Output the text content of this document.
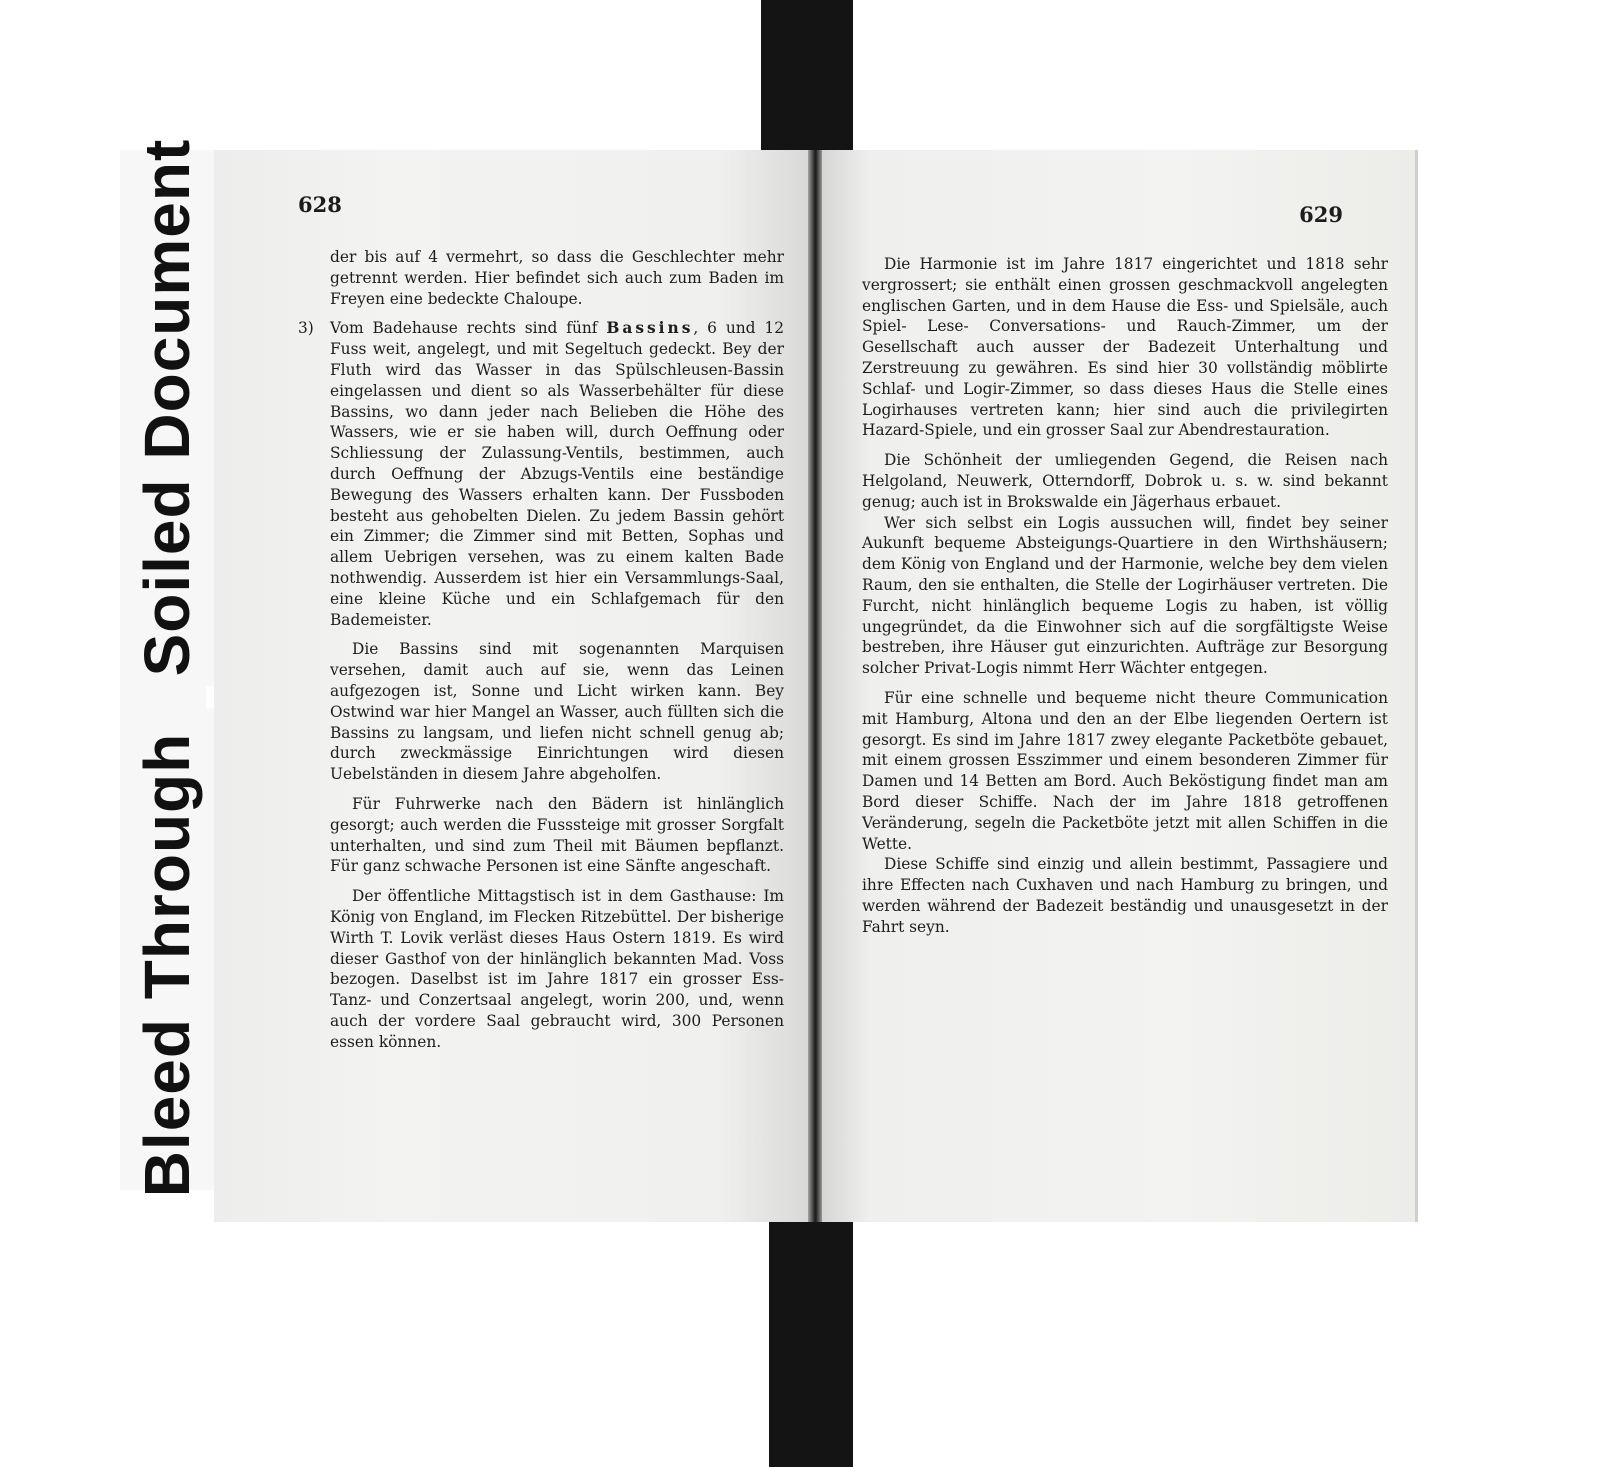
Bleed Through   Soiled Document	628

der bis auf 4 vermehrt, so dass die Geschlechter mehr getrennt werden. Hier befindet sich auch zum Baden im Freyen eine bedeckte Chaloupe.

3) Vom Badehause rechts sind fünf Bassins, 6 und 12 Fuss weit, angelegt, und mit Segeltuch gedeckt. Bey der Fluth wird das Wasser in das Spülschleusen-Bassin eingelassen und dient so als Wasserbehälter für diese Bassins, wo dann jeder nach Belieben die Höhe des Wassers, wie er sie haben will, durch Oeffnung oder Schliessung der Zulassung-Ventils, bestimmen, auch durch Oeffnung der Abzugs-Ventils eine beständige Bewegung des Wassers erhalten kann. Der Fussboden besteht aus gehobelten Dielen. Zu jedem Bassin gehört ein Zimmer; die Zimmer sind mit Betten, Sophas und allem Uebrigen versehen, was zu einem kalten Bade nothwendig. Ausserdem ist hier ein Versammlungs-Saal, eine kleine Küche und ein Schlafgemach für den Bademeister.

Die Bassins sind mit sogenannten Marquisen versehen, damit auch auf sie, wenn das Leinen aufgezogen ist, Sonne und Licht wirken kann. Bey Ostwind war hier Mangel an Wasser, auch füllten sich die Bassins zu langsam, und liefen nicht schnell genug ab; durch zweckmässige Einrichtungen wird diesen Uebelständen in diesem Jahre abgeholfen.

Für Fuhrwerke nach den Bädern ist hinlänglich gesorgt; auch werden die Fusssteige mit grosser Sorgfalt unterhalten, und sind zum Theil mit Bäumen bepflanzt. Für ganz schwache Personen ist eine Sänfte angeschaft.

Der öffentliche Mittagstisch ist in dem Gasthause: Im König von England, im Flecken Ritzebüttel. Der bisherige Wirth T. Lovik verläst dieses Haus Ostern 1819. Es wird dieser Gasthof von der hinlänglich bekannten Mad. Voss bezogen. Daselbst ist im Jahre 1817 ein grosser Ess- Tanz- und Conzertsaal angelegt, worin 200, und, wenn auch der vordere Saal gebraucht wird, 300 Personen essen können.

629

Die Harmonie ist im Jahre 1817 eingerichtet und 1818 sehr vergrossert; sie enthält einen grossen geschmackvoll angelegten englischen Garten, und in dem Hause die Ess- und Spielsäle, auch Spiel- Lese- Conversations- und Rauch-Zimmer, um der Gesellschaft auch ausser der Badezeit Unterhaltung und Zerstreuung zu gewähren. Es sind hier 30 vollständig möblirte Schlaf- und Logir-Zimmer, so dass dieses Haus die Stelle eines Logirhauses vertreten kann; hier sind auch die privilegirten Hazard-Spiele, und ein grosser Saal zur Abendrestauration.

Die Schönheit der umliegenden Gegend, die Reisen nach Helgoland, Neuwerk, Otterndorff, Dobrok u. s. w. sind bekannt genug; auch ist in Brokswalde ein Jägerhaus erbauet.

Wer sich selbst ein Logis aussuchen will, findet bey seiner Aukunft bequeme Absteigungs-Quartiere in den Wirthshäusern; dem König von England und der Harmonie, welche bey dem vielen Raum, den sie enthalten, die Stelle der Logirhäuser vertreten. Die Furcht, nicht hinlänglich bequeme Logis zu haben, ist völlig ungegründet, da die Einwohner sich auf die sorgfältigste Weise bestreben, ihre Häuser gut einzurichten. Aufträge zur Besorgung solcher Privat-Logis nimmt Herr Wächter entgegen.

Für eine schnelle und bequeme nicht theure Communication mit Hamburg, Altona und den an der Elbe liegenden Oertern ist gesorgt. Es sind im Jahre 1817 zwey elegante Packetböte gebauet, mit einem grossen Esszimmer und einem besonderen Zimmer für Damen und 14 Betten am Bord. Auch Beköstigung findet man am Bord dieser Schiffe. Nach der im Jahre 1818 getroffenen Veränderung, segeln die Packetböte jetzt mit allen Schiffen in die Wette.

Diese Schiffe sind einzig und allein bestimmt, Passagiere und ihre Effecten nach Cuxhaven und nach Hamburg zu bringen, und werden während der Badezeit beständig und unausgesetzt in der Fahrt seyn.
